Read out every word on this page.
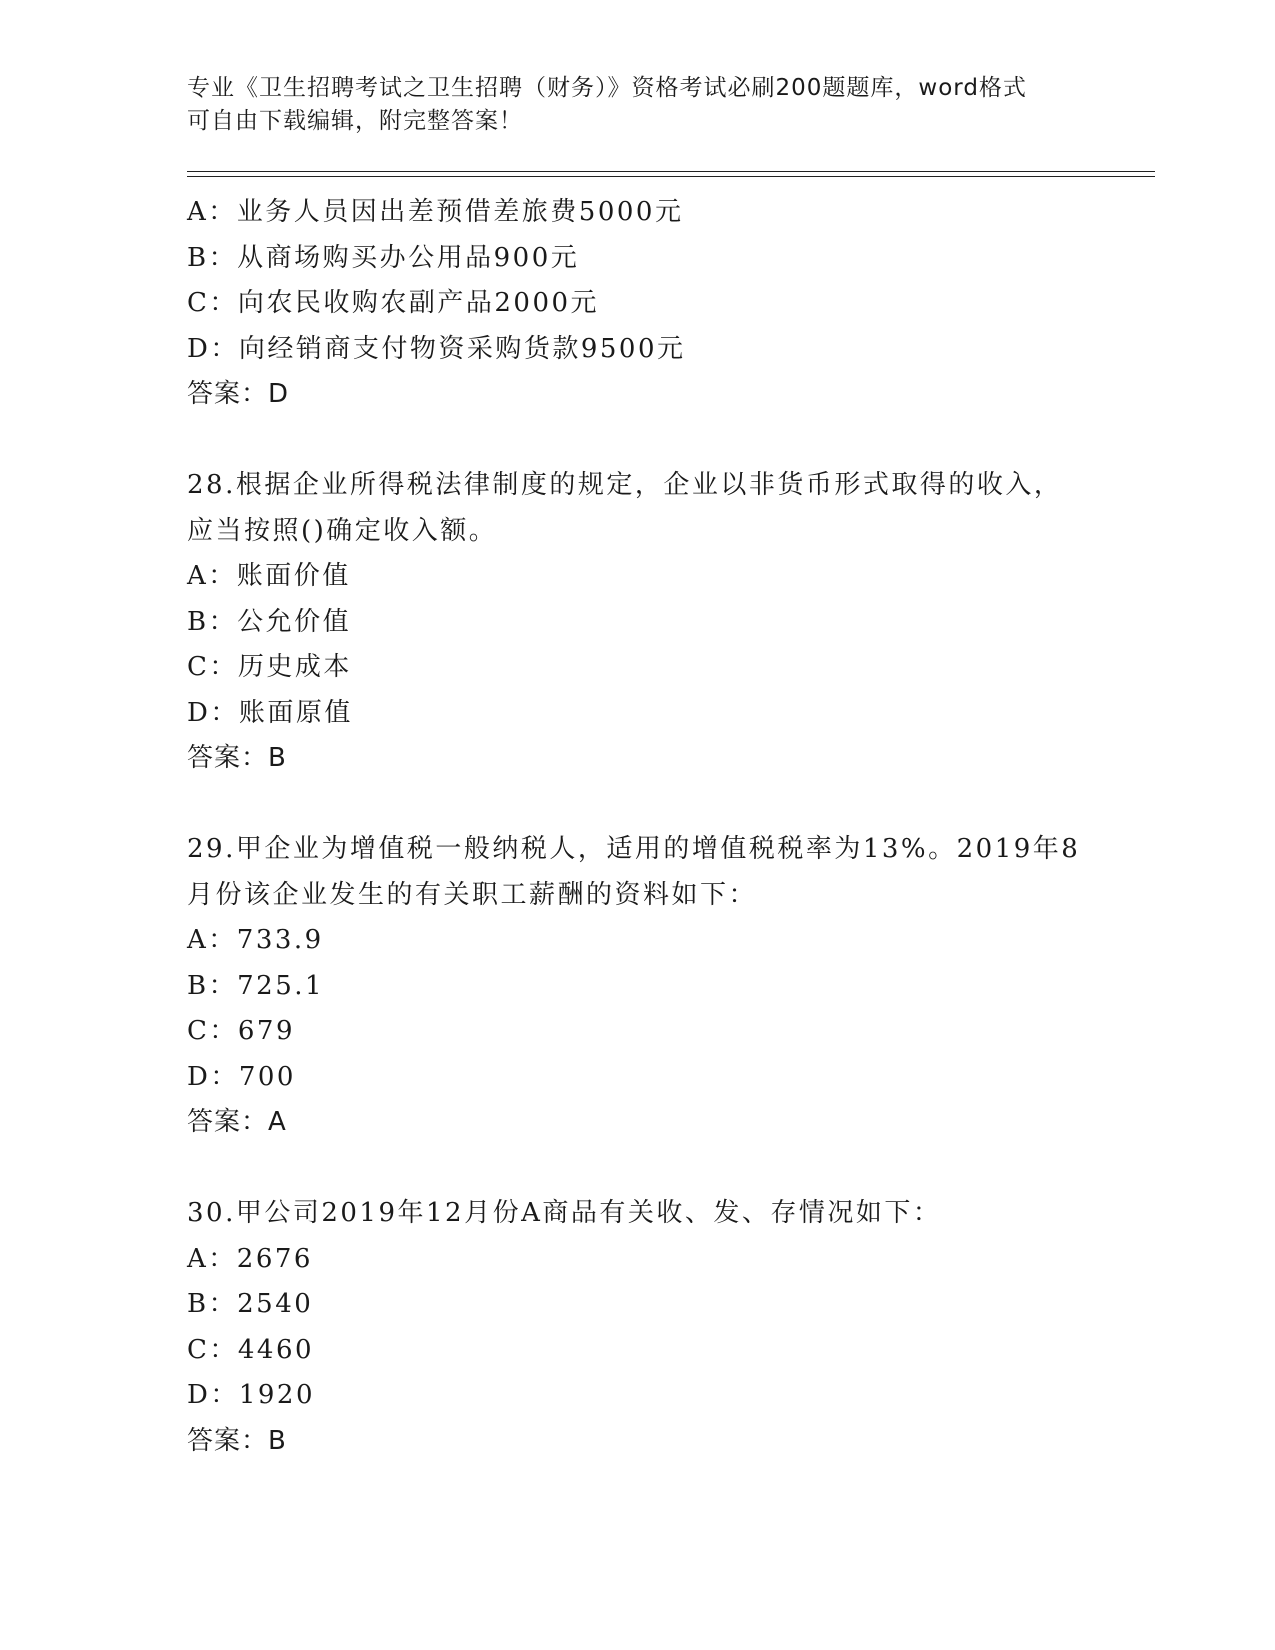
专业《卫生招聘考试之卫生招聘（财务）》资格考试必刷200题题库，word格式
可自由下载编辑，附完整答案！
A：业务人员因出差预借差旅费5000元
B：从商场购买办公用品900元
C：向农民收购农副产品2000元
D：向经销商支付物资采购货款9500元
答案：D
28.根据企业所得税法律制度的规定，企业以非货币形式取得的收入，
应当按照()确定收入额。
A：账面价值
B：公允价值
C：历史成本
D：账面原值
答案：B
29.甲企业为增值税一般纳税人，适用的增值税税率为13%。2019年8
月份该企业发生的有关职工薪酬的资料如下：
A：733.9
B：725.1
C：679
D：700
答案：A
30.甲公司2019年12月份A商品有关收、发、存情况如下：
A：2676
B：2540
C：4460
D：1920
答案：B
